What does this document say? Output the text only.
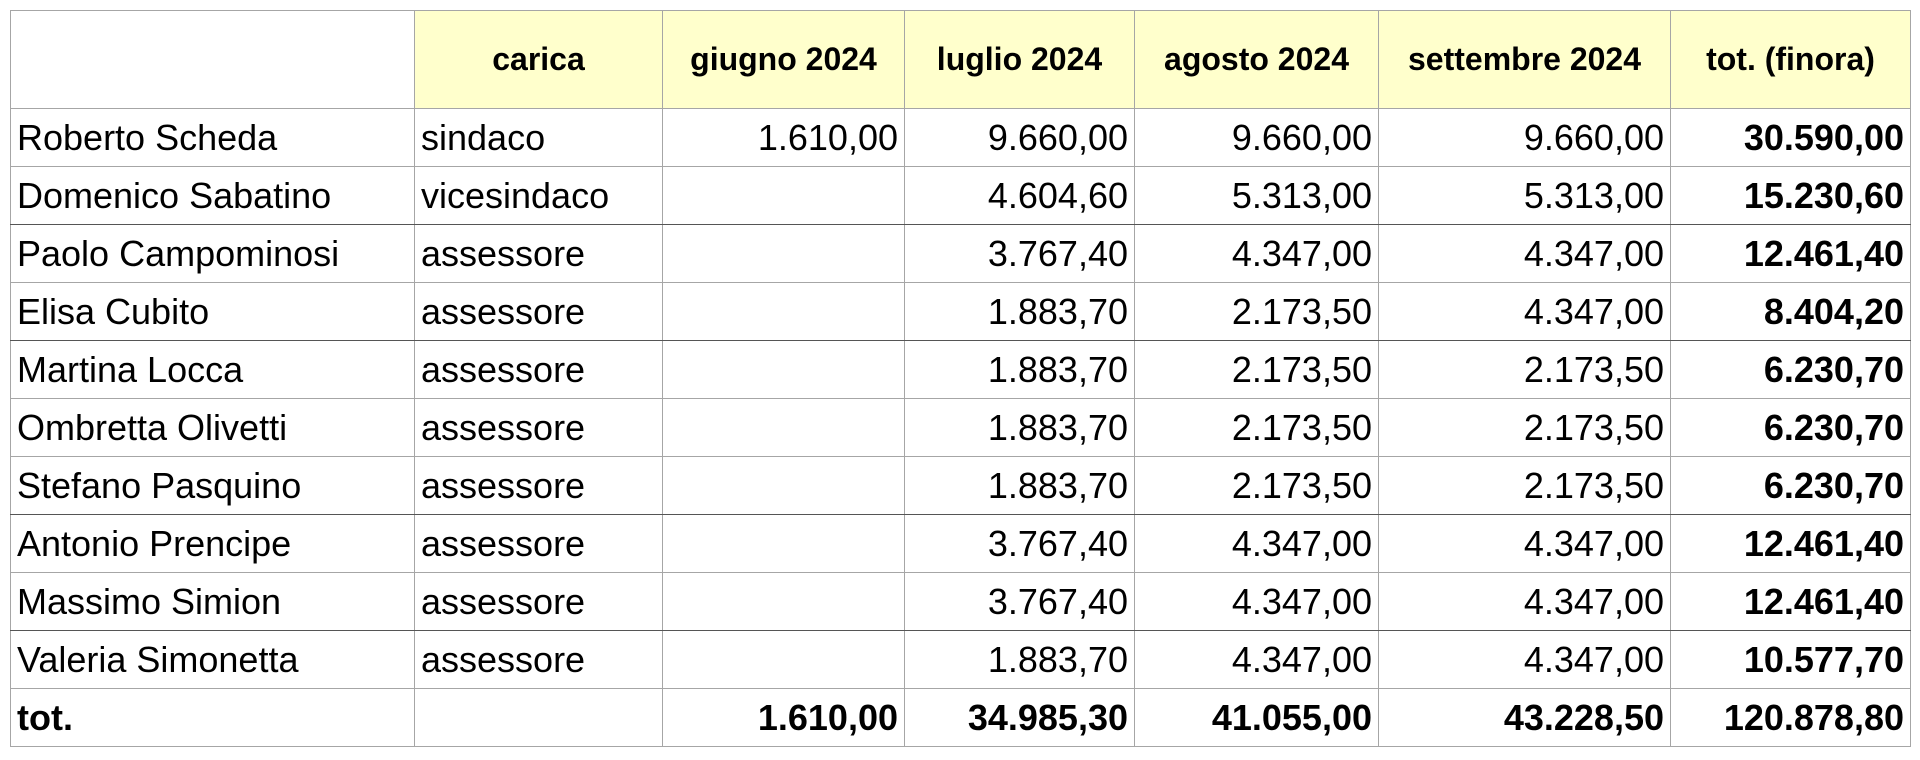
	carica	giugno 2024	luglio 2024	agosto 2024	settembre 2024	tot. (finora)
Roberto Scheda	sindaco	1.610,00	9.660,00	9.660,00	9.660,00	30.590,00
Domenico Sabatino	vicesindaco		4.604,60	5.313,00	5.313,00	15.230,60
Paolo Campominosi	assessore		3.767,40	4.347,00	4.347,00	12.461,40
Elisa Cubito	assessore		1.883,70	2.173,50	4.347,00	8.404,20
Martina Locca	assessore		1.883,70	2.173,50	2.173,50	6.230,70
Ombretta Olivetti	assessore		1.883,70	2.173,50	2.173,50	6.230,70
Stefano Pasquino	assessore		1.883,70	2.173,50	2.173,50	6.230,70
Antonio Prencipe	assessore		3.767,40	4.347,00	4.347,00	12.461,40
Massimo Simion	assessore		3.767,40	4.347,00	4.347,00	12.461,40
Valeria Simonetta	assessore		1.883,70	4.347,00	4.347,00	10.577,70
tot.		1.610,00	34.985,30	41.055,00	43.228,50	120.878,80
